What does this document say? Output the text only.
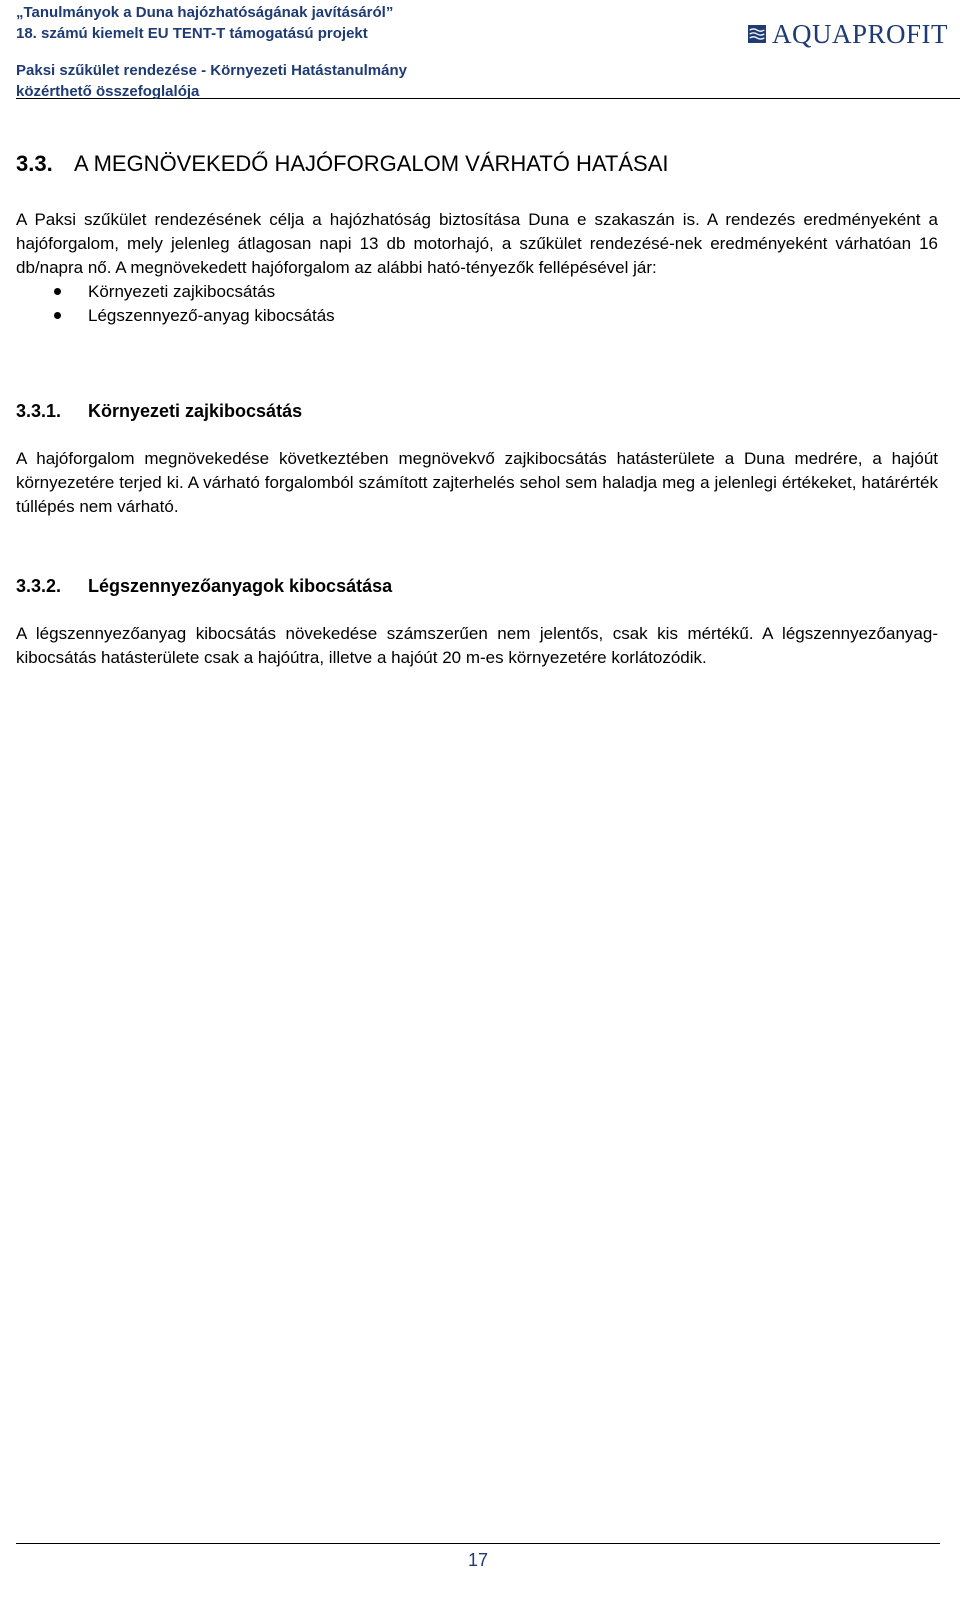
„Tanulmányok a Duna hajózhatóságának javításáról”
18. számú kiemelt EU TENT-T támogatású projekt
Paksi szűkület rendezése - Környezeti Hatástanulmány
közérthető összefoglalója
AQUAPROFIT
3.3. A MEGNÖVEKEDŐ HAJÓFORGALOM VÁRHATÓ HATÁSAI

A Paksi szűkület rendezésének célja a hajózhatóság biztosítása Duna e szakaszán is. A rendezés eredményeként a hajóforgalom, mely jelenleg átlagosan napi 13 db motorhajó, a szűkület rendezésé-nek eredményeként várhatóan 16 db/napra nő. A megnövekedett hajóforgalom az alábbi ható-tényezők fellépésével jár:

Környezeti zajkibocsátás
Légszennyező-anyag kibocsátás
3.3.1. Környezeti zajkibocsátás

A hajóforgalom megnövekedése következtében megnövekvő zajkibocsátás hatásterülete a Duna medrére, a hajóút környezetére terjed ki. A várható forgalomból számított zajterhelés sehol sem haladja meg a jelenlegi értékeket, határérték túllépés nem várható.

3.3.2. Légszennyezőanyagok kibocsátása

A légszennyezőanyag kibocsátás növekedése számszerűen nem jelentős, csak kis mértékű. A légszennyezőanyag-kibocsátás hatásterülete csak a hajóútra, illetve a hajóút 20 m-es környezetére korlátozódik.

17
